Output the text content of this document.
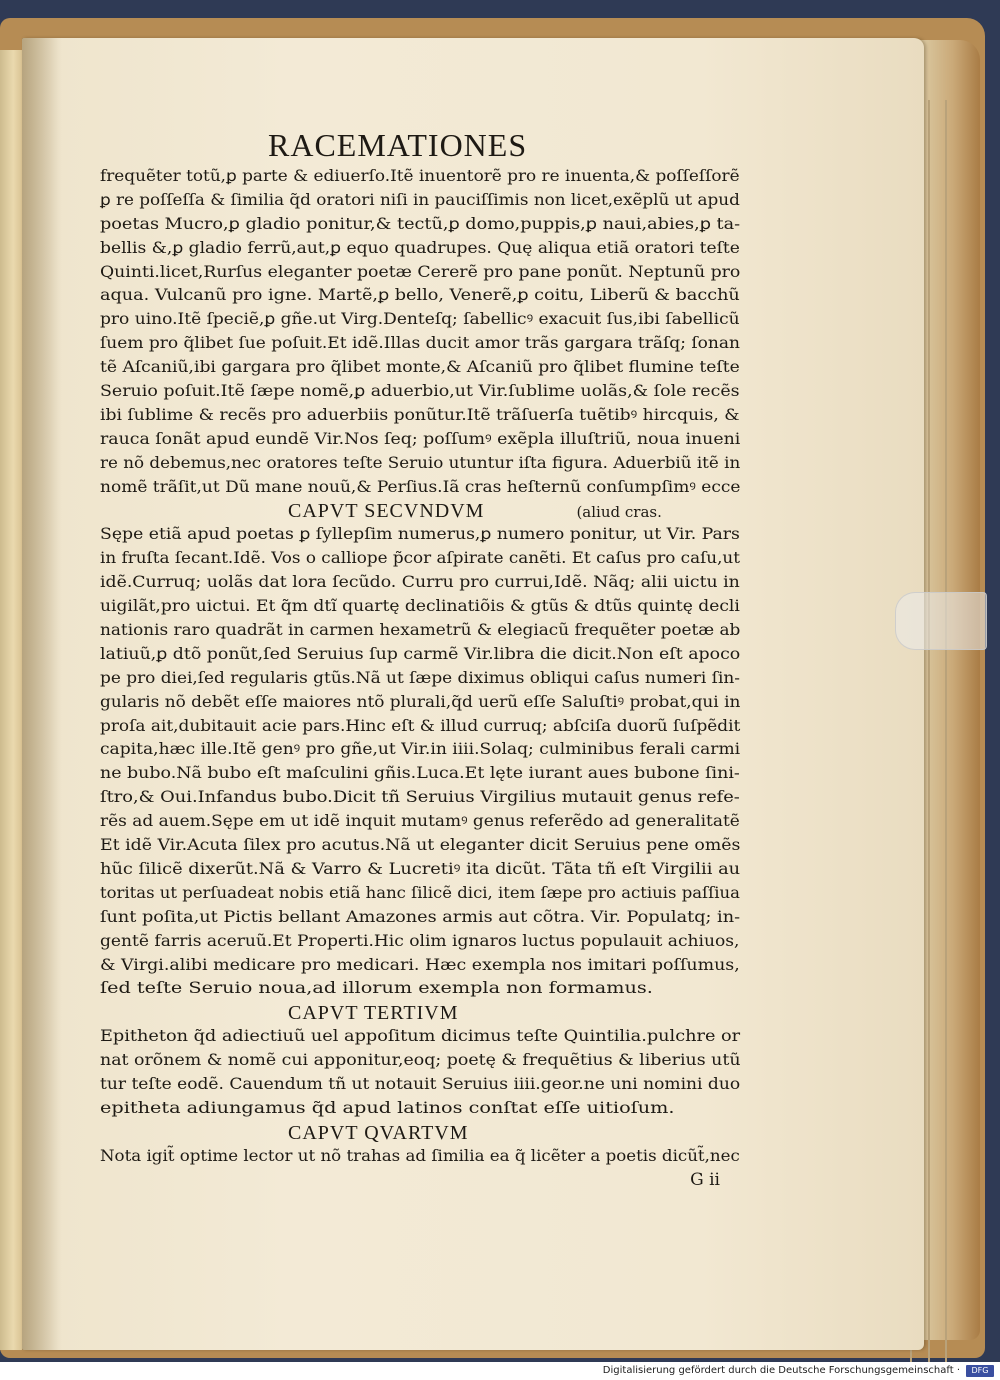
RACEMATIONES
frequẽter totũ,ꝑ parte & ediuerſo.Itẽ inuentorẽ pro re inuenta,& poſſeſſorẽ
ꝑ re poſſeſſa & ſimilia q̃d oratori niſi in pauciſſimis non licet,exẽplũ ut apud
poetas Mucro,ꝑ gladio ponitur,& tectũ,ꝑ domo,puppis,ꝑ naui,abies,ꝑ ta-
bellis &,ꝑ gladio ferrũ,aut,ꝑ equo quadrupes. Quę aliqua etiã oratori teſte
Quinti.licet,Rurſus eleganter poetæ Cererẽ pro pane ponũt. Neptunũ pro
aqua. Vulcanũ pro igne. Martẽ,ꝑ bello, Venerẽ,ꝑ coitu, Liberũ & bacchũ
pro uino.Itẽ ſpeciẽ,ꝑ gñe.ut Virg.Denteſq; ſabellicꝰ exacuit ſus,ibi ſabellicũ
ſuem pro q̃libet ſue poſuit.Et idẽ.Illas ducit amor trãs gargara trãſq; ſonan
tẽ Aſcaniũ,ibi gargara pro q̃libet monte,& Aſcaniũ pro q̃libet flumine teſte
Seruio poſuit.Itẽ ſæpe nomẽ,ꝑ aduerbio,ut Vir.ſublime uolãs,& ſole recẽs
ibi ſublime & recẽs pro aduerbiis ponũtur.Itẽ trãſuerſa tuẽtibꝰ hircquis, &
rauca ſonãt apud eundẽ Vir.Nos ſeq; poſſumꝰ exẽpla illuſtriũ, noua inueni
re nõ debemus,nec oratores teſte Seruio utuntur iſta figura. Aduerbiũ itẽ in
nomẽ trãſit,ut Dũ mane nouũ,& Perſius.Iã cras heſternũ conſumpſimꝰ ecce
CAPVT SECVNDVM	(aliud cras.
Sępe etiã apud poetas ꝑ ſyllepſim numerus,ꝑ numero ponitur, ut Vir. Pars
in fruſta ſecant.Idẽ. Vos o calliope p̃cor aſpirate canẽti. Et caſus pro caſu,ut
idẽ.Curruq; uolãs dat lora ſecũdo. Curru pro currui,Idẽ. Nãq; alii uictu in
uigilãt,pro uictui. Et q̃m dtĩ quartę declinatiõis & gtũs & dtũs quintę decli
nationis raro quadrãt in carmen hexametrũ & elegiacũ frequẽter poetæ ab
latiuũ,ꝑ dtõ ponũt,ſed Seruius ſup carmẽ Vir.libra die dicit.Non eſt apoco
pe pro diei,ſed regularis gtũs.Nã ut ſæpe diximus obliqui caſus numeri ſin-
gularis nõ debẽt eſſe maiores ntõ plurali,q̃d uerũ eſſe Saluſtiꝰ probat,qui in
proſa ait,dubitauit acie pars.Hinc eſt & illud curruq; abſciſa duorũ ſuſpẽdit
capita,hæc ille.Itẽ genꝰ pro gñe,ut Vir.in iiii.Solaq; culminibus ferali carmi
ne bubo.Nã bubo eſt maſculini gñis.Luca.Et lęte iurant aues bubone ſini-
ſtro,& Oui.Infandus bubo.Dicit tñ Seruius Virgilius mutauit genus refe-
rẽs ad auem.Sępe em ut idẽ inquit mutamꝰ genus referẽdo ad generalitatẽ
Et idẽ Vir.Acuta ſilex pro acutus.Nã ut eleganter dicit Seruius pene omẽs
hũc ſilicẽ dixerũt.Nã & Varro & Lucretiꝰ ita dicũt. Tãta tñ eſt Virgilii au
toritas ut perſuadeat nobis etiã hanc ſilicẽ dici, item ſæpe pro actiuis paſſiua
ſunt poſita,ut Pictis bellant Amazones armis aut cõtra. Vir. Populatq; in-
gentẽ farris aceruũ.Et Properti.Hic olim ignaros luctus populauit achiuos,
& Virgi.alibi medicare pro medicari. Hæc exempla nos imitari poſſumus,
ſed teſte Seruio noua,ad illorum exempla non formamus.
CAPVT TERTIVM
Epitheton q̃d adiectiuũ uel appoſitum dicimus teſte Quintilia.pulchre or
nat orõnem & nomẽ cui apponitur,eoq; poetę & frequẽtius & liberius utũ
tur teſte eodẽ. Cauendum tñ ut notauit Seruius iiii.geor.ne uni nomini duo
epitheta adiungamus q̃d apud latinos conſtat eſſe uitioſum.
CAPVT QVARTVM
Nota igit̃ optime lector ut nõ trahas ad ſimilia ea q̃ licẽter a poetis dicũt̃,nec
G ii
Digitalisierung gefördert durch die Deutsche Forschungsgemeinschaft ·	DFG
